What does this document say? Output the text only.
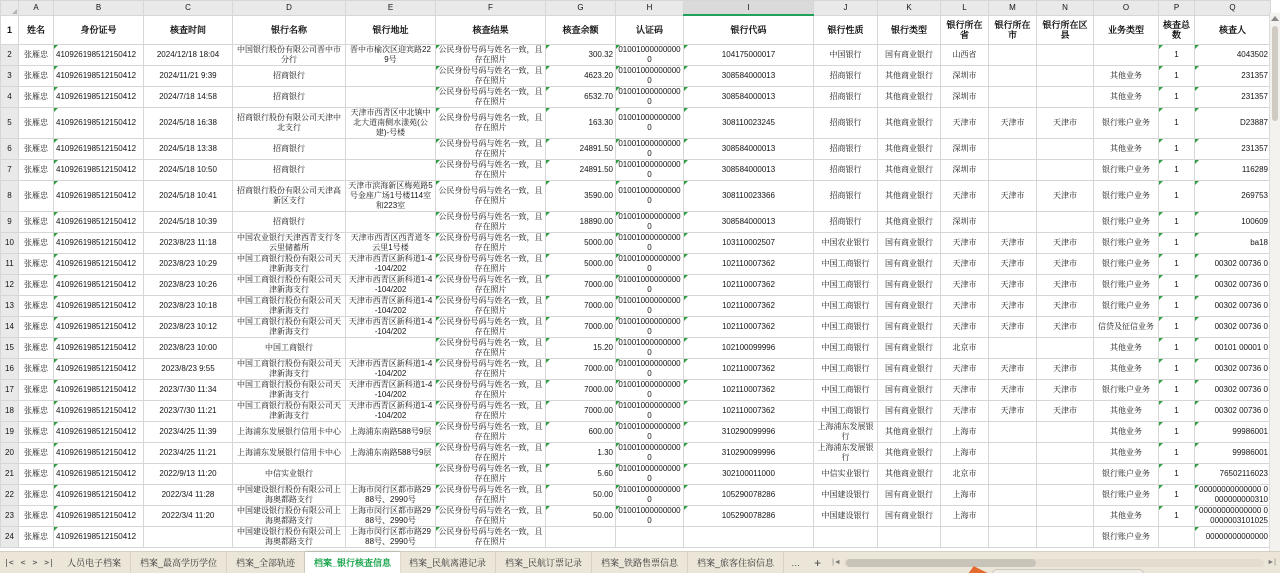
	A	B	C	D	E	F	G	H	I	J	K	L	M	N	O	P	Q
1	姓名	身份证号	核查时间	银行名称	银行地址	核查结果	核查余额	认证码	银行代码	银行性质	银行类型	银行所在省	银行所在市	银行所在区县	业务类型	核查总数	核查人
2	张雁忠	410926198512150412	2024/12/18 18:04	中国银行股份有限公司晋中市分行	晋中市榆次区迎宾路229号	公民身份号码与姓名一致，且存在照片	300.32	010010000000000	104175000017	中国银行	国有商业银行	山西省				1	4043502
3	张雁忠	410926198512150412	2024/11/21 9:39	招商银行		公民身份号码与姓名一致，且存在照片	4623.20	010010000000000	308584000013	招商银行	其他商业银行	深圳市			其他业务	1	231357
4	张雁忠	410926198512150412	2024/7/18 14:58	招商银行		公民身份号码与姓名一致，且存在照片	6532.70	010010000000000	308584000013	招商银行	其他商业银行	深圳市			其他业务	1	231357
5	张雁忠	410926198512150412	2024/5/18 16:38	招商银行股份有限公司天津中北支行	天津市西青区中北镇中北大道南侧水漾苑(公建)-号楼	公民身份号码与姓名一致，且存在照片	163.30	010010000000000	308110023245	招商银行	其他商业银行	天津市	天津市	天津市	银行账户业务	1	D23887
6	张雁忠	410926198512150412	2024/5/18 13:38	招商银行		公民身份号码与姓名一致，且存在照片	24891.50	010010000000000	308584000013	招商银行	其他商业银行	深圳市			其他业务	1	231357
7	张雁忠	410926198512150412	2024/5/18 10:50	招商银行		公民身份号码与姓名一致，且存在照片	24891.50	010010000000000	308584000013	招商银行	其他商业银行	深圳市			银行账户业务	1	116289
8	张雁忠	410926198512150412	2024/5/18 10:41	招商银行股份有限公司天津高新区支行	天津市滨海新区梅苑路5号金座广场1号楼114室和223室	公民身份号码与姓名一致，且存在照片	3590.00	010010000000000	308110023366	招商银行	其他商业银行	天津市	天津市	天津市	银行账户业务	1	269753
9	张雁忠	410926198512150412	2024/5/18 10:39	招商银行		公民身份号码与姓名一致，且存在照片	18890.00	010010000000000	308584000013	招商银行	其他商业银行	深圳市			银行账户业务	1	100609
10	张雁忠	410926198512150412	2023/8/23 11:18	中国农业银行天津西青支行冬云里储蓄所	天津市西青区西青道冬云里1号楼	公民身份号码与姓名一致，且存在照片	5000.00	010010000000000	103110002507	中国农业银行	国有商业银行	天津市	天津市	天津市	银行账户业务	1	ba18
11	张雁忠	410926198512150412	2023/8/23 10:29	中国工商银行股份有限公司天津新海支行	天津市西青区新科道1-4-104/202	公民身份号码与姓名一致，且存在照片	5000.00	010010000000000	102110007362	中国工商银行	国有商业银行	天津市	天津市	天津市	银行账户业务	1	00302 00736 0
12	张雁忠	410926198512150412	2023/8/23 10:26	中国工商银行股份有限公司天津新海支行	天津市西青区新科道1-4-104/202	公民身份号码与姓名一致，且存在照片	7000.00	010010000000000	102110007362	中国工商银行	国有商业银行	天津市	天津市	天津市	银行账户业务	1	00302 00736 0
13	张雁忠	410926198512150412	2023/8/23 10:18	中国工商银行股份有限公司天津新海支行	天津市西青区新科道1-4-104/202	公民身份号码与姓名一致，且存在照片	7000.00	010010000000000	102110007362	中国工商银行	国有商业银行	天津市	天津市	天津市	银行账户业务	1	00302 00736 0
14	张雁忠	410926198512150412	2023/8/23 10:12	中国工商银行股份有限公司天津新海支行	天津市西青区新科道1-4-104/202	公民身份号码与姓名一致，且存在照片	7000.00	010010000000000	102110007362	中国工商银行	国有商业银行	天津市	天津市	天津市	信贷及征信业务	1	00302 00736 0
15	张雁忠	410926198512150412	2023/8/23 10:00	中国工商银行		公民身份号码与姓名一致，且存在照片	15.20	010010000000000	102100099996	中国工商银行	国有商业银行	北京市			其他业务	1	00101 00001 0
16	张雁忠	410926198512150412	2023/8/23 9:55	中国工商银行股份有限公司天津新海支行	天津市西青区新科道1-4-104/202	公民身份号码与姓名一致，且存在照片	7000.00	010010000000000	102110007362	中国工商银行	国有商业银行	天津市	天津市	天津市	其他业务	1	00302 00736 0
17	张雁忠	410926198512150412	2023/7/30 11:34	中国工商银行股份有限公司天津新海支行	天津市西青区新科道1-4-104/202	公民身份号码与姓名一致，且存在照片	7000.00	010010000000000	102110007362	中国工商银行	国有商业银行	天津市	天津市	天津市	银行账户业务	1	00302 00736 0
18	张雁忠	410926198512150412	2023/7/30 11:21	中国工商银行股份有限公司天津新海支行	天津市西青区新科道1-4-104/202	公民身份号码与姓名一致，且存在照片	7000.00	010010000000000	102110007362	中国工商银行	国有商业银行	天津市	天津市	天津市	其他业务	1	00302 00736 0
19	张雁忠	410926198512150412	2023/4/25 11:39	上海浦东发展银行信用卡中心	上海浦东南路588号9层	公民身份号码与姓名一致，且存在照片	600.00	010010000000000	310290099996	上海浦东发展银行	其他商业银行	上海市			其他业务	1	99986001
20	张雁忠	410926198512150412	2023/4/25 11:21	上海浦东发展银行信用卡中心	上海浦东南路588号9层	公民身份号码与姓名一致，且存在照片	1.30	010010000000000	310290099996	上海浦东发展银行	其他商业银行	上海市			其他业务	1	99986001
21	张雁忠	410926198512150412	2022/9/13 11:20	中信实业银行		公民身份号码与姓名一致，且存在照片	5.60	010010000000000	302100011000	中信实业银行	其他商业银行	北京市			银行账户业务	1	76502116023
22	张雁忠	410926198512150412	2022/3/4 11:28	中国建设银行股份有限公司上海奥都路支行	上海市闵行区都市路2988号、2990号	公民身份号码与姓名一致，且存在照片	50.00	010010000000000	105290078286	中国建设银行	国有商业银行	上海市			银行账户业务	1	00000000000000 0000000000310
23	张雁忠	410926198512150412	2022/3/4 11:20	中国建设银行股份有限公司上海奥都路支行	上海市闵行区都市路2988号、2990号	公民身份号码与姓名一致，且存在照片	50.00	010010000000000	105290078286	中国建设银行	国有商业银行	上海市			其他业务	1	00000000000000 00000003101025
24	张雁忠	410926198512150412		中国建设银行股份有限公司上海奥都路支行	上海市闵行区都市路2988号、2990号	公民身份号码与姓名一致，且存在照片									银行账户业务		00000000000000
|< < > >|	人员电子档案	档案_最高学历学位	档案_全部轨迹	档案_银行核查信息	档案_民航离港记录	档案_民航订票记录	档案_铁路售票信息	档案_旅客住宿信息	…	+	|◄	►|
